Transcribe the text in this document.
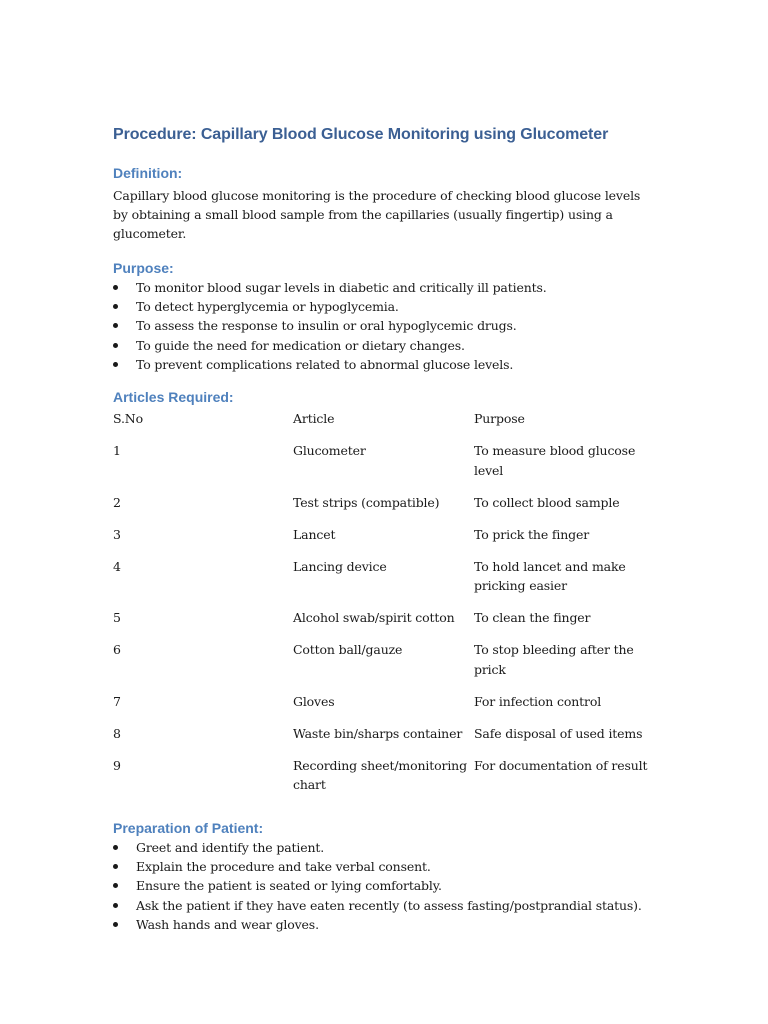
Procedure: Capillary Blood Glucose Monitoring using Glucometer
Definition:

Capillary blood glucose monitoring is the procedure of checking blood glucose levels by obtaining a small blood sample from the capillaries (usually fingertip) using a glucometer.

Purpose:
To monitor blood sugar levels in diabetic and critically ill patients.
To detect hyperglycemia or hypoglycemia.
To assess the response to insulin or oral hypoglycemic drugs.
To guide the need for medication or dietary changes.
To prevent complications related to abnormal glucose levels.
Articles Required:
S.No	Article	Purpose
1	Glucometer	To measure blood glucose level
2	Test strips (compatible)	To collect blood sample
3	Lancet	To prick the finger
4	Lancing device	To hold lancet and make pricking easier
5	Alcohol swab/spirit cotton	To clean the finger
6	Cotton ball/gauze	To stop bleeding after the prick
7	Gloves	For infection control
8	Waste bin/sharps container	Safe disposal of used items
9	Recording sheet/monitoring chart	For documentation of result
Preparation of Patient:
Greet and identify the patient.
Explain the procedure and take verbal consent.
Ensure the patient is seated or lying comfortably.
Ask the patient if they have eaten recently (to assess fasting/postprandial status).
Wash hands and wear gloves.
